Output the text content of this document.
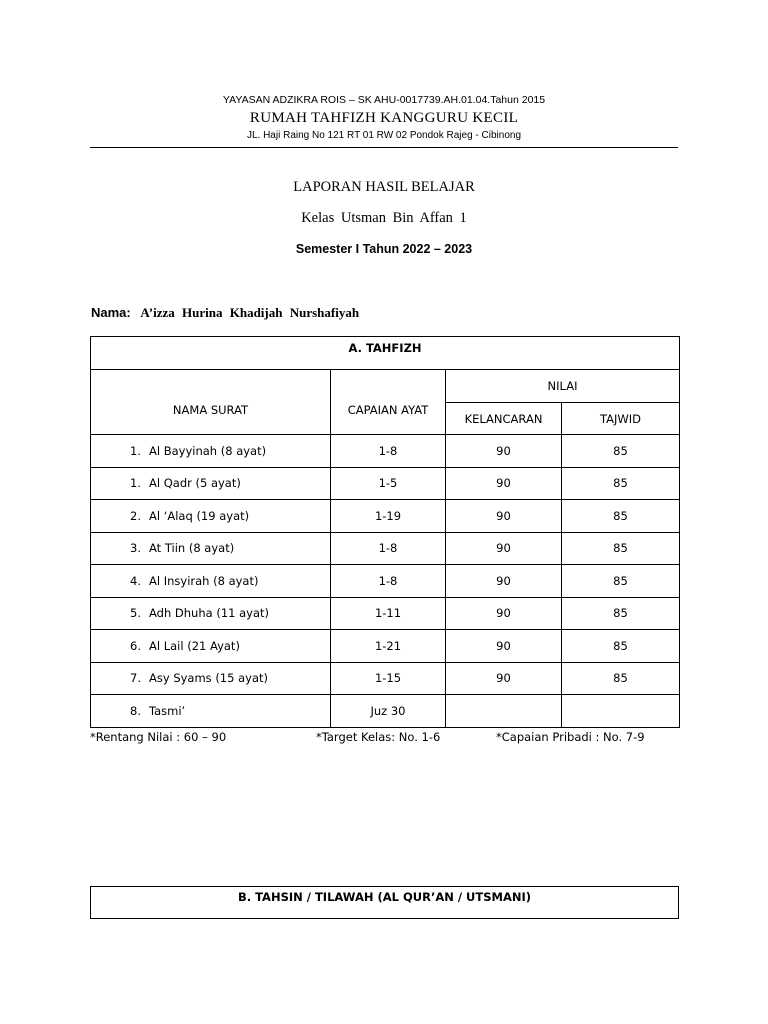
YAYASAN ADZIKRA ROIS – SK AHU-0017739.AH.01.04.Tahun 2015
RUMAH TAHFIZH KANGGURU KECIL
JL. Haji Raing No 121 RT 01 RW 02 Pondok Rajeg - Cibinong
LAPORAN HASIL BELAJAR
Kelas Utsman Bin Affan 1
Semester I Tahun 2022 – 2023
Nama: A’izza Hurina Khadijah Nurshafiyah
A. TAHFIZH			
NAMA SURAT	CAPAIAN AYAT	NILAI	
		KELANCARAN	TAJWID
1. Al Bayyinah (8 ayat)	1-8	90	85
1. Al Qadr (5 ayat)	1-5	90	85
2. Al ‘Alaq (19 ayat)	1-19	90	85
3. At Tiin (8 ayat)	1-8	90	85
4. Al Insyirah (8 ayat)	1-8	90	85
5. Adh Dhuha (11 ayat)	1-11	90	85
6. Al Lail (21 Ayat)	1-21	90	85
7. Asy Syams (15 ayat)	1-15	90	85
8. Tasmi’	Juz 30		
*Rentang Nilai : 60 – 90	*Target Kelas: No. 1-6	*Capaian Pribadi : No. 7-9
B. TAHSIN / TILAWAH (AL QUR’AN / UTSMANI)
